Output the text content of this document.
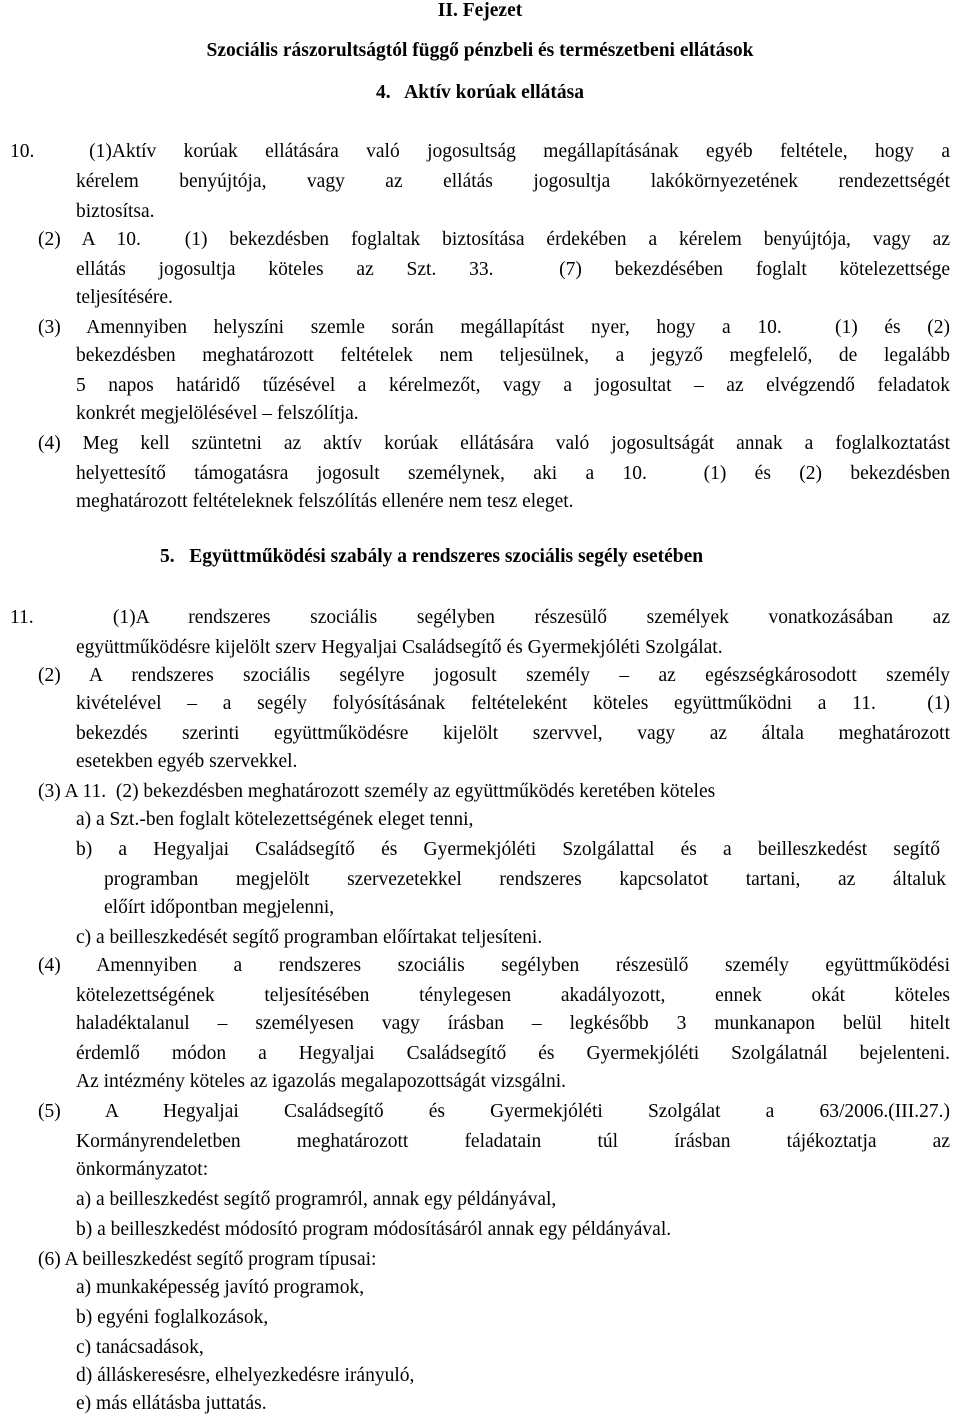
II. Fejezet
Szociális rászorultságtól függő pénzbeli és természetbeni ellátások
4.   Aktív korúak ellátása
10.  (1)Aktív korúak ellátására való jogosultság megállapításának egyéb feltétele, hogy a
kérelem benyújtója, vagy az ellátás jogosultja lakókörnyezetének rendezettségét
biztosítsa.
(2) A 10.  (1) bekezdésben foglaltak biztosítása érdekében a kérelem benyújtója, vagy az
ellátás jogosultja köteles az Szt. 33.  (7) bekezdésében foglalt kötelezettsége
teljesítésére.
(3) Amennyiben helyszíni szemle során megállapítást nyer, hogy a 10.  (1) és (2)
bekezdésben meghatározott feltételek nem teljesülnek, a jegyző megfelelő, de legalább
5 napos határidő tűzésével a kérelmezőt, vagy a jogosultat – az elvégzendő feladatok
konkrét megjelölésével – felszólítja.
(4) Meg kell szüntetni az aktív korúak ellátására való jogosultságát annak a foglalkoztatást
helyettesítő támogatásra jogosult személynek, aki a 10.  (1) és (2) bekezdésben
meghatározott feltételeknek felszólítás ellenére nem tesz eleget.
5.   Együttműködési szabály a rendszeres szociális segély esetében
11.  (1)A rendszeres szociális segélyben részesülő személyek vonatkozásában az
együttműködésre kijelölt szerv Hegyaljai Családsegítő és Gyermekjóléti Szolgálat.
(2) A rendszeres szociális segélyre jogosult személy – az egészségkárosodott személy
kivételével – a segély folyósításának feltételeként köteles együttműködni a 11.  (1)
bekezdés szerinti együttműködésre kijelölt szervvel, vagy az általa meghatározott
esetekben egyéb szervekkel.
(3) A 11.  (2) bekezdésben meghatározott személy az együttműködés keretében köteles
a) a Szt.-ben foglalt kötelezettségének eleget tenni,
b) a Hegyaljai Családsegítő és Gyermekjóléti Szolgálattal és a beilleszkedést segítő
programban megjelölt szervezetekkel rendszeres kapcsolatot tartani, az általuk
előírt időpontban megjelenni,
c) a beilleszkedését segítő programban előírtakat teljesíteni.
(4) Amennyiben a rendszeres szociális segélyben részesülő személy együttműködési
kötelezettségének teljesítésében ténylegesen akadályozott, ennek okát köteles
haladéktalanul – személyesen vagy írásban – legkésőbb 3 munkanapon belül hitelt
érdemlő módon a Hegyaljai Családsegítő és Gyermekjóléti Szolgálatnál bejelenteni.
Az intézmény köteles az igazolás megalapozottságát vizsgálni.
(5) A Hegyaljai Családsegítő és Gyermekjóléti Szolgálat a 63/2006.(III.27.)
Kormányrendeletben meghatározott feladatain túl írásban tájékoztatja az
önkormányzatot:
a) a beilleszkedést segítő programról, annak egy példányával,
b) a beilleszkedést módosító program módosításáról annak egy példányával.
(6) A beilleszkedést segítő program típusai:
a) munkaképesség javító programok,
b) egyéni foglalkozások,
c) tanácsadások,
d) álláskeresésre, elhelyezkedésre irányuló,
e) más ellátásba juttatás.
